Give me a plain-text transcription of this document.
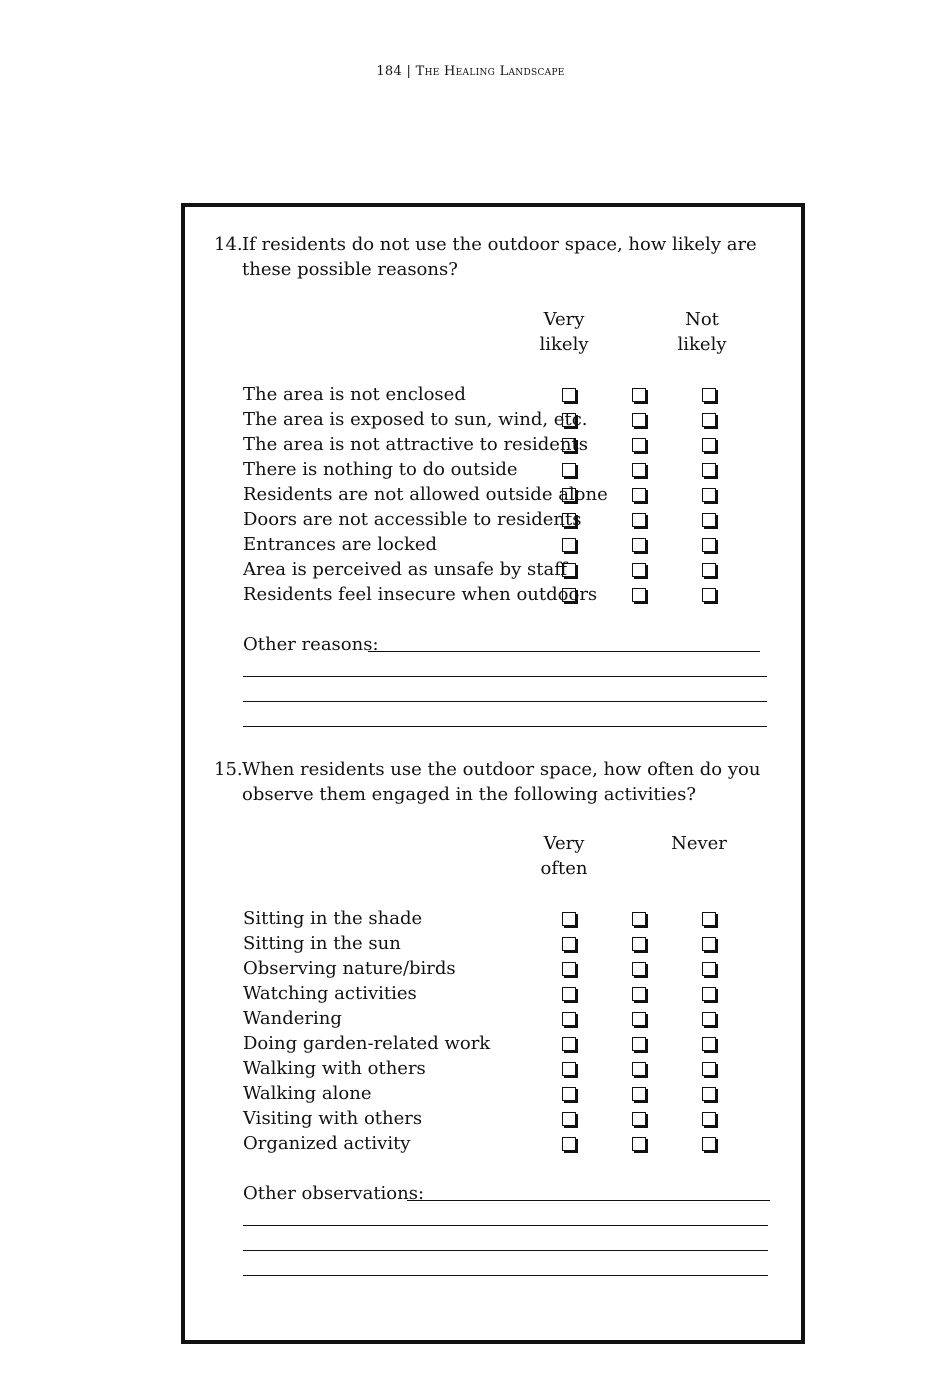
184 | The Healing Landscape
14. If residents do not use the outdoor space, how likely are these possible reasons?
Very
likely
Not
likely
The area is not enclosed
The area is exposed to sun, wind, etc.
The area is not attractive to residents
There is nothing to do outside
Residents are not allowed outside alone
Doors are not accessible to residents
Entrances are locked
Area is perceived as unsafe by staff
Residents feel insecure when outdoors
Other reasons:
15. When residents use the outdoor space, how often do you observe them engaged in the following activities?
Very
often
Never
Sitting in the shade
Sitting in the sun
Observing nature/birds
Watching activities
Wandering
Doing garden-related work
Walking with others
Walking alone
Visiting with others
Organized activity
Other observations:
